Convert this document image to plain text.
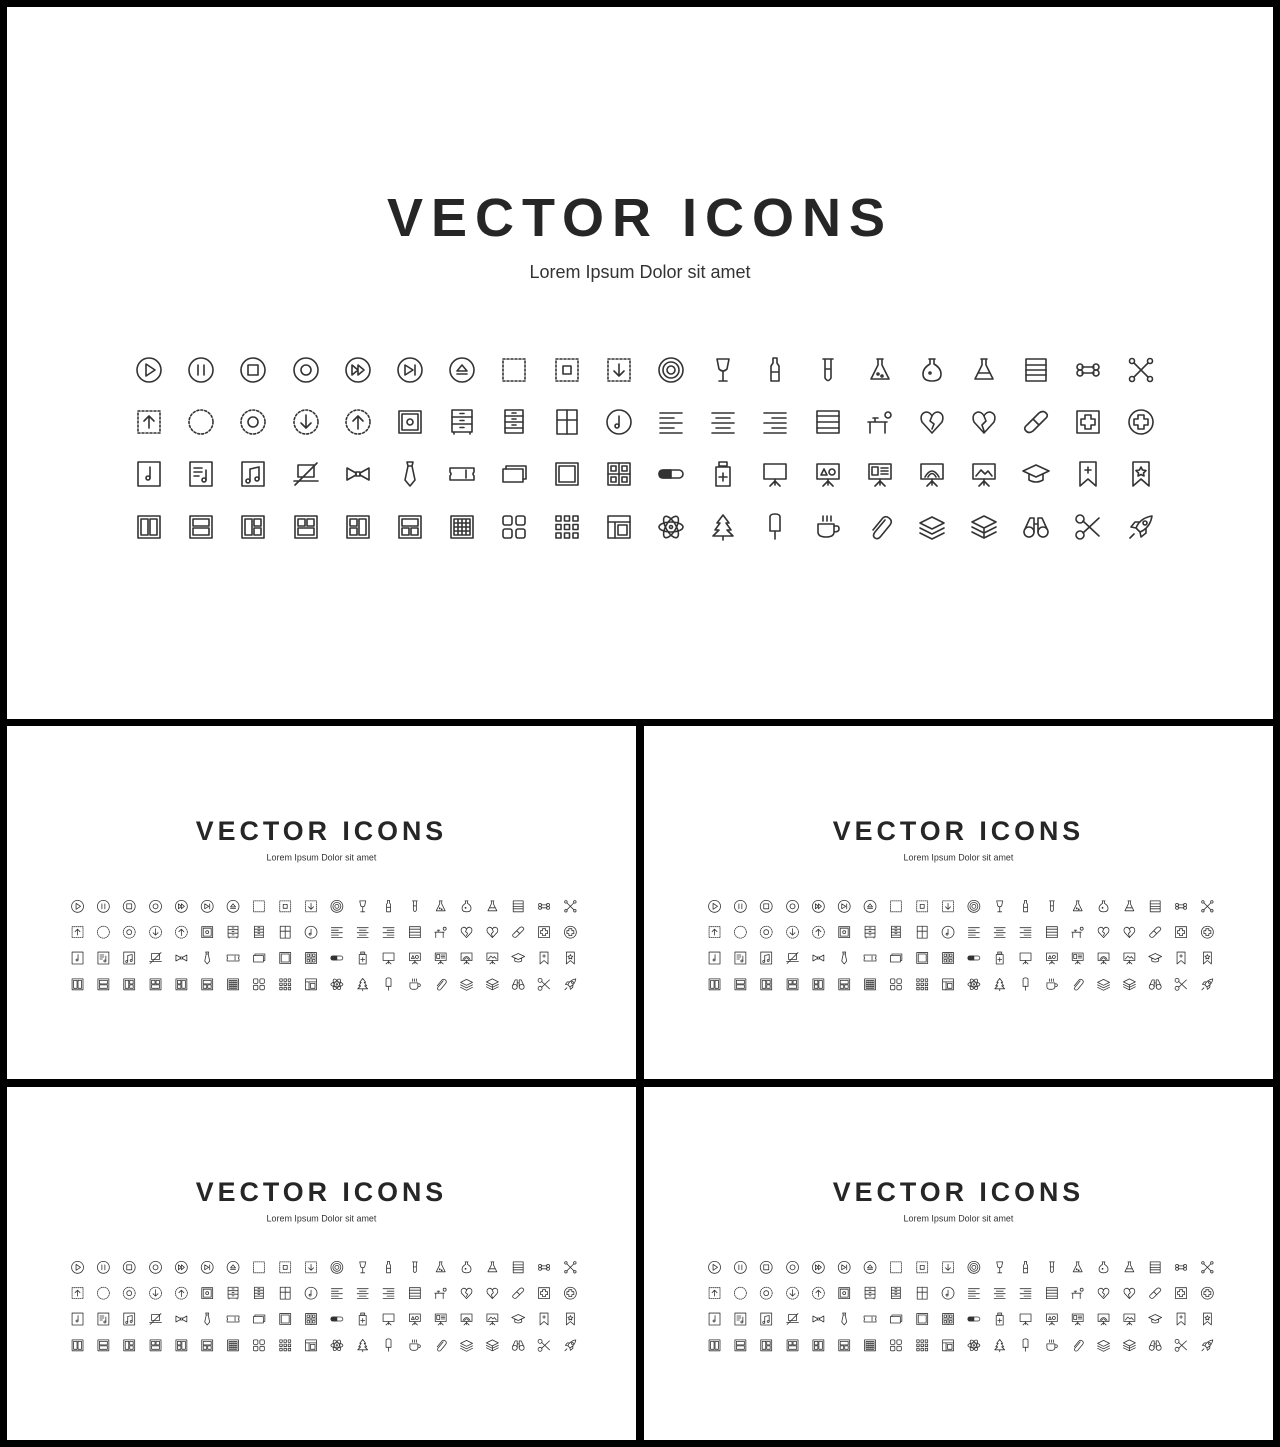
VECTOR ICONS
Lorem Ipsum Dolor sit amet
VECTOR ICONS
Lorem Ipsum Dolor sit amet
VECTOR ICONS
Lorem Ipsum Dolor sit amet
VECTOR ICONS
Lorem Ipsum Dolor sit amet
VECTOR ICONS
Lorem Ipsum Dolor sit amet
